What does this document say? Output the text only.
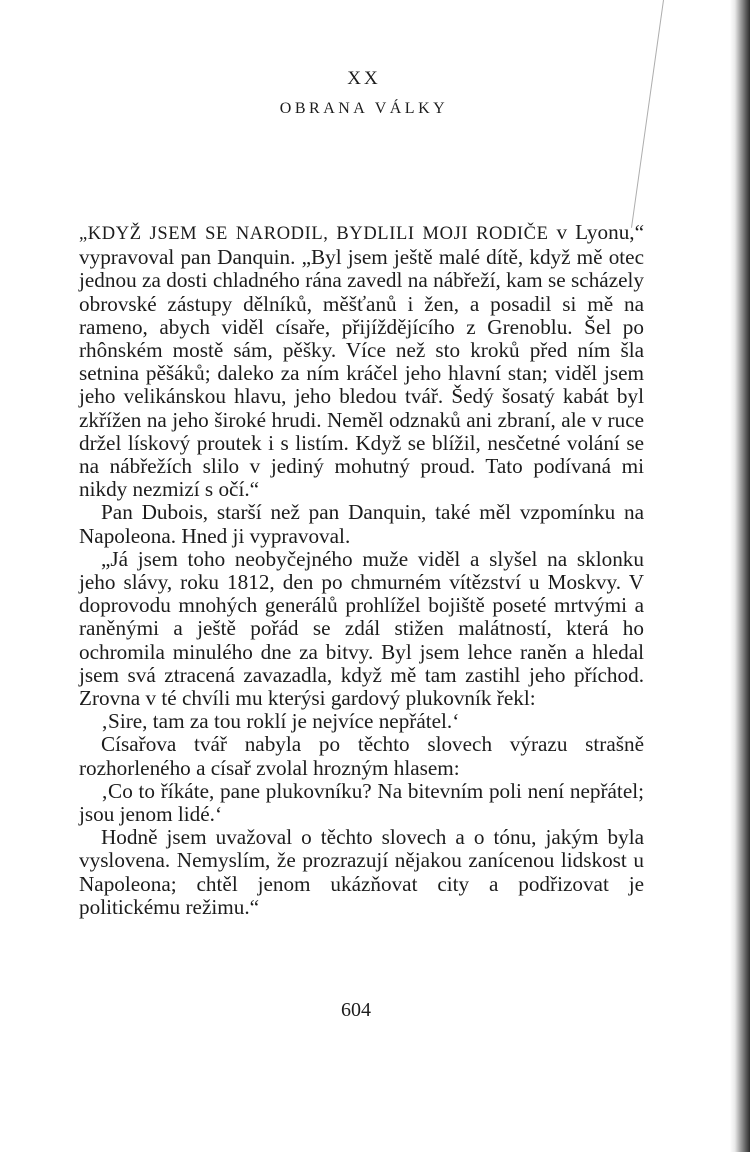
XX
OBRANA VÁLKY

„KDYŽ JSEM SE NARODIL, BYDLILI MOJI RODIČE v Lyonu,“ vypravoval pan Danquin. „Byl jsem ještě malé dítě, když mě otec jednou za dosti chladného rána zavedl na nábřeží, kam se scházely obrovské zástupy dělníků, měšťanů i žen, a posadil si mě na rameno, abych viděl císaře, přijíždějícího z Grenoblu. Šel po rhônském mostě sám, pěšky. Více než sto kroků před ním šla setnina pěšáků; daleko za ním kráčel jeho hlavní stan; viděl jsem jeho velikánskou hlavu, jeho bledou tvář. Šedý šosatý kabát byl zkřížen na jeho široké hrudi. Neměl odznaků ani zbraní, ale v ruce držel lískový proutek i s listím. Když se blížil, nesčetné volání se na nábřežích slilo v jediný mohutný proud. Tato podívaná mi nikdy nezmizí s očí.“

Pan Dubois, starší než pan Danquin, také měl vzpomínku na Napoleona. Hned ji vypravoval.

„Já jsem toho neobyčejného muže viděl a slyšel na sklonku jeho slávy, roku 1812, den po chmurném vítězství u Moskvy. V doprovodu mnohých generálů prohlížel bojiště poseté mrtvými a raněnými a ještě pořád se zdál stižen malátností, která ho ochromila minulého dne za bitvy. Byl jsem lehce raněn a hledal jsem svá ztracená zavazadla, když mě tam zastihl jeho příchod. Zrovna v té chvíli mu kterýsi gardový plukovník řekl:

‚Sire, tam za tou roklí je nejvíce nepřátel.‘

Císařova tvář nabyla po těchto slovech výrazu strašně rozhorleného a císař zvolal hrozným hlasem:

‚Co to říkáte, pane plukovníku? Na bitevním poli není nepřátel; jsou jenom lidé.‘

Hodně jsem uvažoval o těchto slovech a o tónu, jakým byla vyslovena. Nemyslím, že prozrazují nějakou zanícenou lidskost u Napoleona; chtěl jenom ukázňovat city a podřizovat je politickému režimu.“

604
